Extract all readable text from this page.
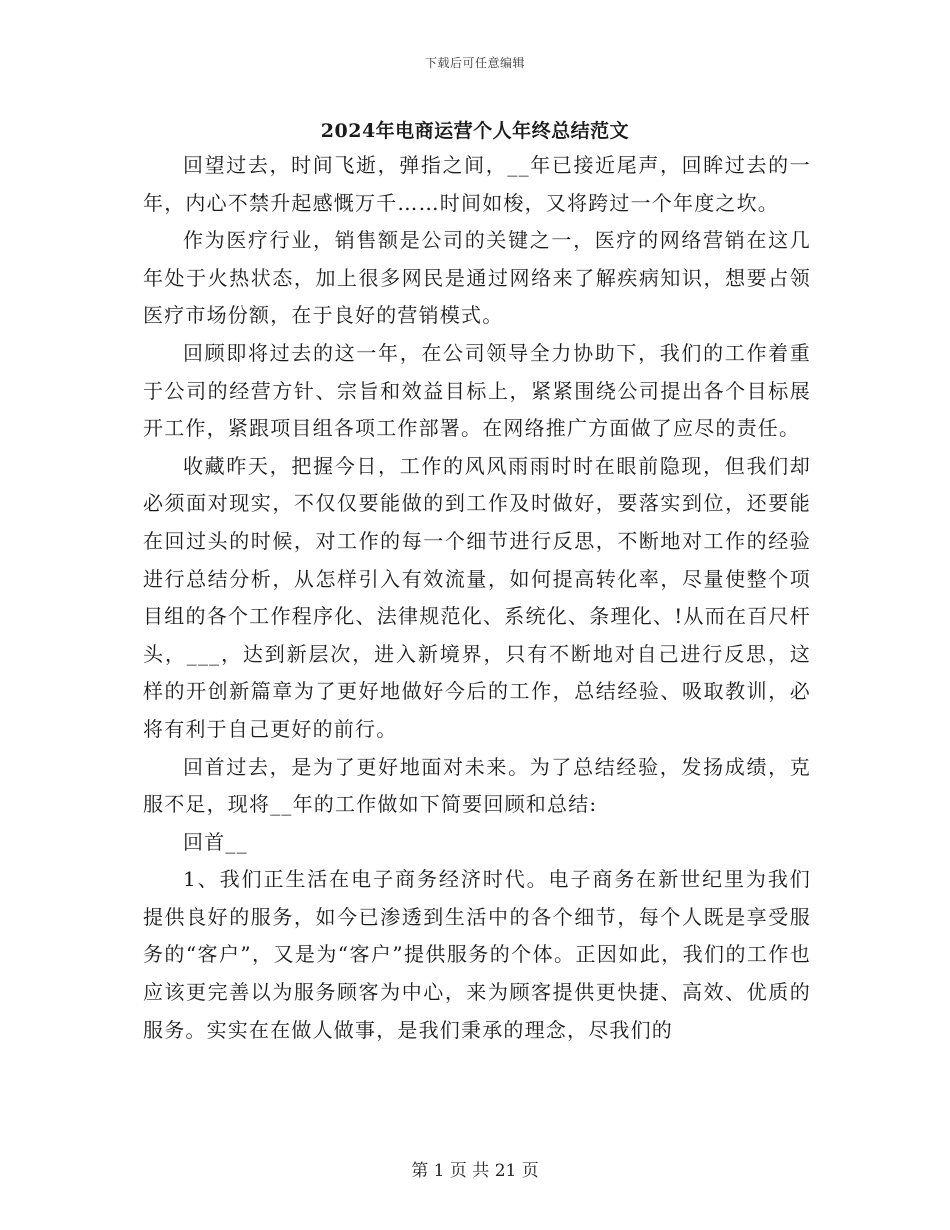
下载后可任意编辑
2024年电商运营个人年终总结范文

回望过去，时间飞逝，弹指之间，__年已接近尾声，回眸过去的一年，内心不禁升起感慨万千……时间如梭，又将跨过一个年度之坎。

作为医疗行业，销售额是公司的关键之一，医疗的网络营销在这几年处于火热状态，加上很多网民是通过网络来了解疾病知识，想要占领医疗市场份额，在于良好的营销模式。

回顾即将过去的这一年，在公司领导全力协助下，我们的工作着重于公司的经营方针、宗旨和效益目标上，紧紧围绕公司提出各个目标展开工作，紧跟项目组各项工作部署。在网络推广方面做了应尽的责任。

收藏昨天，把握今日，工作的风风雨雨时时在眼前隐现，但我们却必须面对现实，不仅仅要能做的到工作及时做好，要落实到位，还要能在回过头的时候，对工作的每一个细节进行反思，不断地对工作的经验进行总结分析，从怎样引入有效流量，如何提高转化率，尽量使整个项目组的各个工作程序化、法律规范化、系统化、条理化、!从而在百尺杆头，___，达到新层次，进入新境界，只有不断地对自己进行反思，这样的开创新篇章为了更好地做好今后的工作，总结经验、吸取教训，必将有利于自己更好的前行。

回首过去，是为了更好地面对未来。为了总结经验，发扬成绩，克服不足，现将__年的工作做如下简要回顾和总结:

回首__

1、我们正生活在电子商务经济时代。电子商务在新世纪里为我们提供良好的服务，如今已渗透到生活中的各个细节，每个人既是享受服务的“客户”，又是为“客户”提供服务的个体。正因如此，我们的工作也应该更完善以为服务顾客为中心，来为顾客提供更快捷、高效、优质的服务。实实在在做人做事，是我们秉承的理念，尽我们的

第 1 页 共 21 页
